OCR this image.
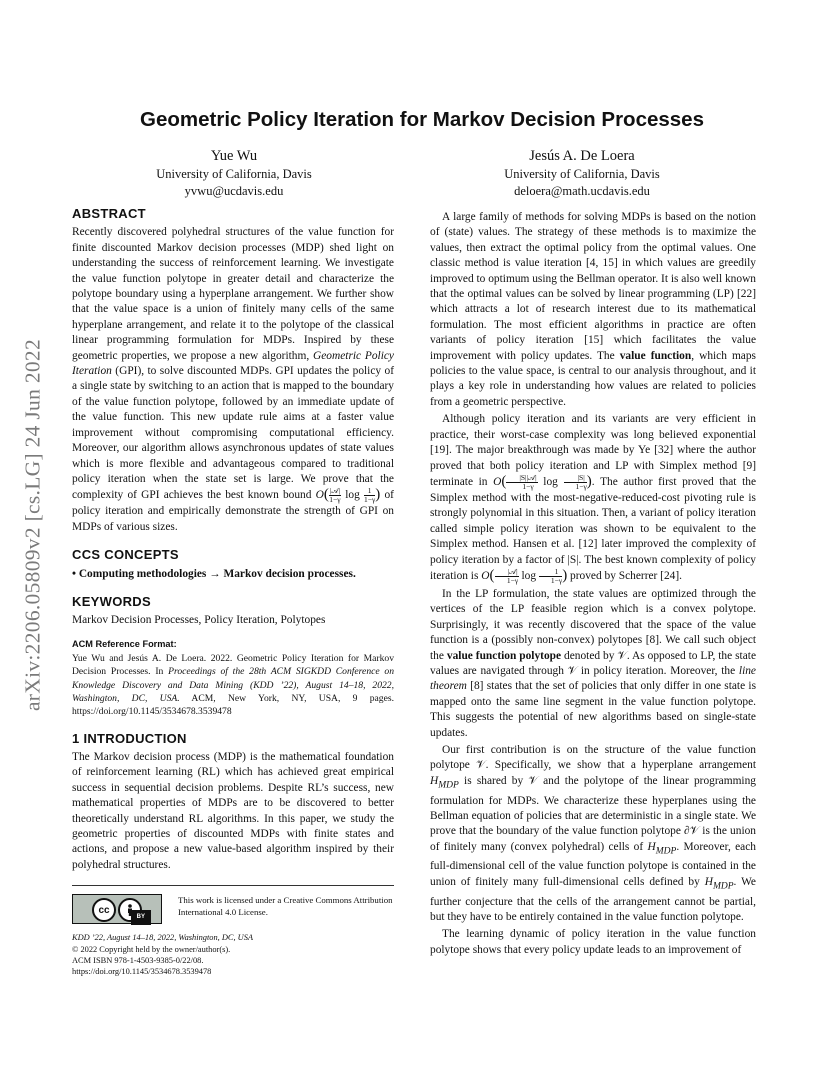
arXiv:2206.05809v2 [cs.LG] 24 Jun 2022
Geometric Policy Iteration for Markov Decision Processes
Yue Wu
University of California, Davis
yvwu@ucdavis.edu
Jesús A. De Loera
University of California, Davis
deloera@math.ucdavis.edu
ABSTRACT

Recently discovered polyhedral structures of the value function for finite discounted Markov decision processes (MDP) shed light on understanding the success of reinforcement learning. We investigate the value function polytope in greater detail and characterize the polytope boundary using a hyperplane arrangement. We further show that the value space is a union of finitely many cells of the same hyperplane arrangement, and relate it to the polytope of the classical linear programming formulation for MDPs. Inspired by these geometric properties, we propose a new algorithm, Geometric Policy Iteration (GPI), to solve discounted MDPs. GPI updates the policy of a single state by switching to an action that is mapped to the boundary of the value function polytope, followed by an immediate update of the value function. This new update rule aims at a faster value improvement without compromising computational efficiency. Moreover, our algorithm allows asynchronous updates of state values which is more flexible and advantageous compared to traditional policy iteration when the state set is large. We prove that the complexity of GPI achieves the best known bound $O( \frac{\text{|𝒜|}}{1-\gamma}$ $\log \frac{1}{1-\gamma}$ ) of policy iteration and empirically demonstrate the strength of GPI on MDPs of various sizes.

CCS CONCEPTS

• Computing methodologies → Markov decision processes.

KEYWORDS

Markov Decision Processes, Policy Iteration, Polytopes

ACM Reference Format:

Yue Wu and Jesús A. De Loera. 2022. Geometric Policy Iteration for Markov Decision Processes. In Proceedings of the 28th ACM SIGKDD Conference on Knowledge Discovery and Data Mining (KDD ’22), August 14–18, 2022, Washington, DC, USA. ACM, New York, NY, USA, 9 pages. https://doi.org/10.1145/3534678.3539478

1 INTRODUCTION

The Markov decision process (MDP) is the mathematical foundation of reinforcement learning (RL) which has achieved great empirical success in sequential decision problems. Despite RL’s success, new mathematical properties of MDPs are to be discovered to better theoretically understand RL algorithms. In this paper, we study the geometric properties of discounted MDPs with finite states and actions, and propose a new value-based algorithm inspired by their polyhedral structures.

cc
BY
This work is licensed under a Creative Commons Attribution International 4.0 License.
KDD ’22, August 14–18, 2022, Washington, DC, USA
© 2022 Copyright held by the owner/author(s).
ACM ISBN 978-1-4503-9385-0/22/08.
https://doi.org/10.1145/3534678.3539478

A large family of methods for solving MDPs is based on the notion of (state) values. The strategy of these methods is to maximize the values, then extract the optimal policy from the optimal values. One classic method is value iteration [4, 15] in which values are greedily improved to optimum using the Bellman operator. It is also well known that the optimal values can be solved by linear programming (LP) [22] which attracts a lot of research interest due to its mathematical formulation. The most efficient algorithms in practice are often variants of policy iteration [15] which facilitates the value improvement with policy updates. The value function, which maps policies to the value space, is central to our analysis throughout, and it plays a key role in understanding how values are related to policies from a geometric perspective.

Although policy iteration and its variants are very efficient in practice, their worst-case complexity was long believed exponential [19]. The major breakthrough was made by Ye [32] where the author proved that both policy iteration and LP with Simplex method [9] terminate in $O( \frac{\text{|S||𝒜|}}{1-\gamma}$ $\log \frac{|S|}{1-\gamma}$ ). The author first proved that the Simplex method with the most-negative-reduced-cost pivoting rule is strongly polynomial in this situation. Then, a variant of policy iteration called simple policy iteration was shown to be equivalent to the Simplex method. Hansen et al. [12] later improved the complexity of policy iteration by a factor of |S|. The best known complexity of policy iteration is $O( \frac{\text{|𝒜|}}{1-\gamma}$ $\log \frac{1}{1-\gamma}$ ) proved by Scherrer [24].

In the LP formulation, the state values are optimized through the vertices of the LP feasible region which is a convex polytope. Surprisingly, it was recently discovered that the space of the value function is a (possibly non-convex) polytopes [8]. We call such object the value function polytope denoted by 𝒱. As opposed to LP, the state values are navigated through 𝒱 in policy iteration. Moreover, the line theorem [8] states that the set of policies that only differ in one state is mapped onto the same line segment in the value function polytope. This suggests the potential of new algorithms based on single-state updates.

Our first contribution is on the structure of the value function polytope 𝒱. Specifically, we show that a hyperplane arrangement $H_{MDP}$ is shared by 𝒱 and the polytope of the linear programming formulation for MDPs. We characterize these hyperplanes using the Bellman equation of policies that are deterministic in a single state. We prove that the boundary of the value function polytope ∂𝒱 is the union of finitely many (convex polyhedral) cells of $H_{MDP}$. Moreover, each full-dimensional cell of the value function polytope is contained in the union of finitely many full-dimensional cells defined by $H_{MDP}$. We further conjecture that the cells of the arrangement cannot be partial, but they have to be entirely contained in the value function polytope.

The learning dynamic of policy iteration in the value function polytope shows that every policy update leads to an improvement of
